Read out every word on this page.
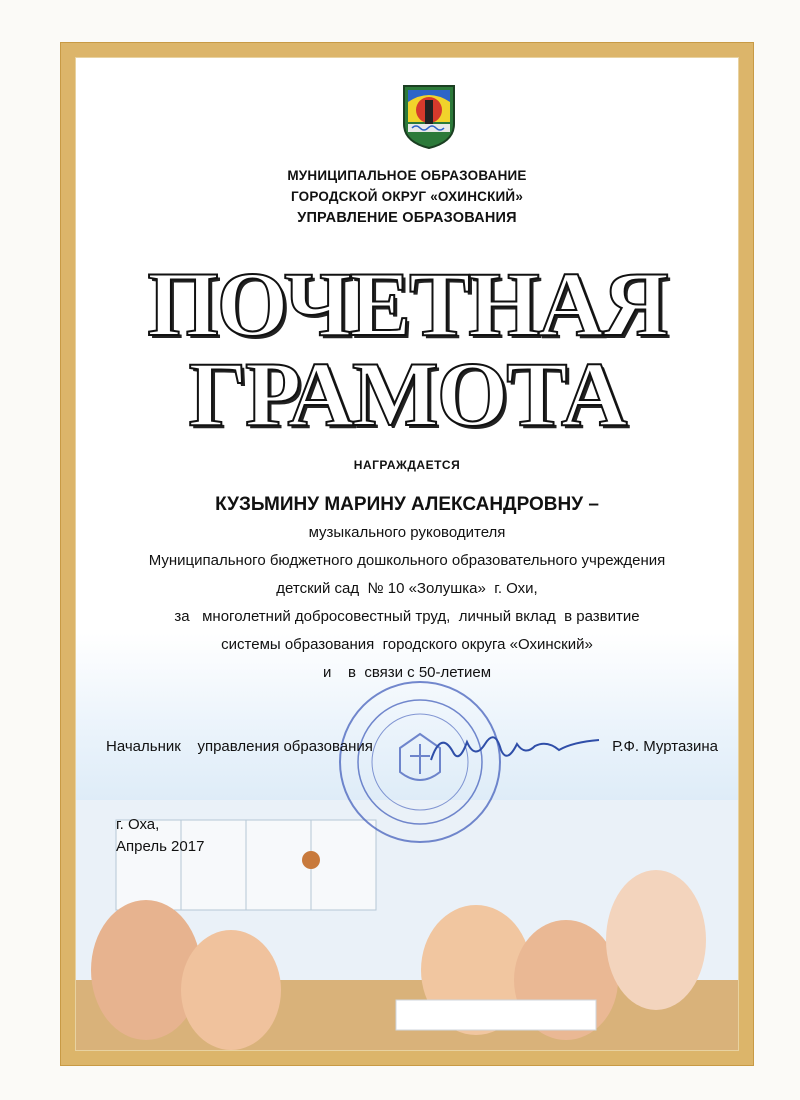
МУНИЦИПАЛЬНОЕ ОБРАЗОВАНИЕ
ГОРОДСКОЙ ОКРУГ «ОХИНСКИЙ»
УПРАВЛЕНИЕ ОБРАЗОВАНИЯ
ПОЧЕТНАЯ
ГРАМОТА
НАГРАЖДАЕТСЯ
КУЗЬМИНУ МАРИНУ АЛЕКСАНДРОВНУ –
музыкального руководителя
Муниципального бюджетного дошкольного образовательного учреждения
детский сад  № 10 «Золушка»  г. Охи,
за   многолетний добросовестный труд,  личный вклад  в развитие
системы образования  городского округа «Охинский»
и    в  связи с 50-летием
Начальник    управления образования	Р.Ф. Муртазина
г. Оха,
Апрель 2017
